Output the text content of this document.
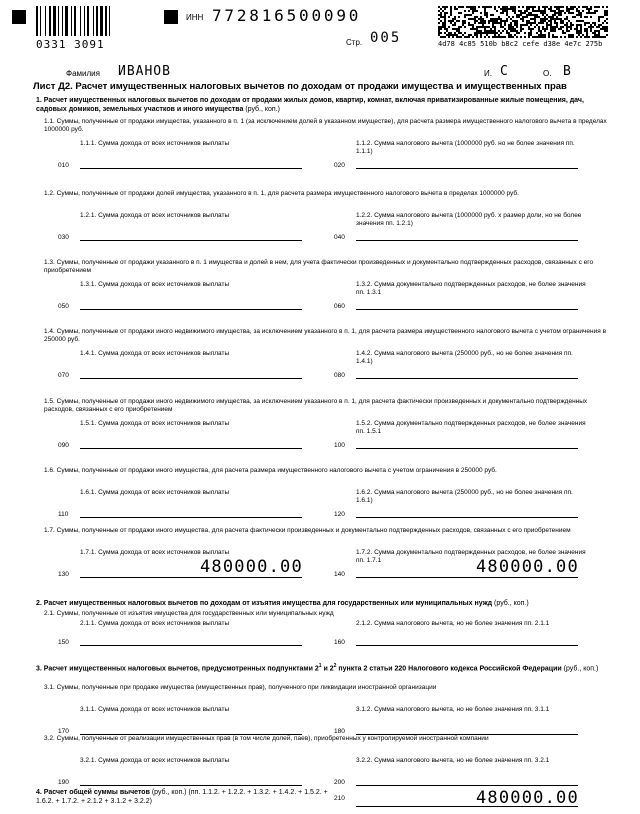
0331 3091
ИНН 772816500090
Стр. 005	4d78 4c85 510b b8c2 cefe d38e 4e7c 275b
Фамилия ИВАНОВ	И. С	О. В
Лист Д2. Расчет имущественных налоговых вычетов по доходам от продажи имущества и имущественных прав
1. Расчет имущественных налоговых вычетов по доходам от продажи жилых домов, квартир, комнат, включая приватизированные жилые помещения, дач, садовых домиков, земельных участков и иного имущества (руб., коп.)
1.1. Суммы, полученные от продажи имущества, указанного в п. 1 (за исключением долей в указанном имуществе), для расчета размера имущественного налогового вычета в пределах 1000000 руб.
1.1.1. Сумма дохода от всех источников выплаты	1.1.2. Сумма налогового вычета (1000000 руб. но не более значения пп. 1.1.1)
010	020
1.2. Суммы, полученные от продажи долей имущества, указанного в п. 1, для расчета размера имущественного налогового вычета в пределах 1000000 руб.
1.2.1. Сумма дохода от всех источников выплаты	1.2.2. Сумма налогового вычета (1000000 руб. х размер доли, но не более значения пп. 1.2.1)
030	040
1.3. Суммы, полученные от продажи указанного в п. 1 имущества и долей в нем, для учета фактически произведенных и документально подтвержденных расходов, связанных с его приобретением
1.3.1. Сумма дохода от всех источников выплаты	1.3.2. Сумма документально подтвержденных расходов, не более значения пп. 1.3.1
050	060
1.4. Суммы, полученные от продажи иного недвижимого имущества, за исключением указанного в п. 1, для расчета размера имущественного налогового вычета с учетом ограничения в 250000 руб.
1.4.1. Сумма дохода от всех источников выплаты	1.4.2. Сумма налогового вычета (250000 руб., но не более значения пп. 1.4.1)
070	080
1.5. Суммы, полученные от продажи иного недвижимого имущества, за исключением указанного в п. 1, для расчета фактически произведенных и документально подтвержденных расходов, связанных с его приобретением
1.5.1. Сумма дохода от всех источников выплаты	1.5.2. Сумма документально подтвержденных расходов, не более значения пп. 1.5.1
090	100
1.6. Суммы, полученные от продажи иного имущества, для расчета размера имущественного налогового вычета с учетом ограничения в 250000 руб.
1.6.1. Сумма дохода от всех источников выплаты	1.6.2. Сумма налогового вычета (250000 руб., но не более значения пп. 1.6.1)
110	120
1.7. Суммы, полученные от продажи иного имущества, для расчета фактически произведенных и документально подтвержденных расходов, связанных с его приобретением
1.7.1. Сумма дохода от всех источников выплаты	1.7.2. Сумма документально подтвержденных расходов, не более значения пп. 1.7.1
130	140
480000.00	480000.00
2. Расчет имущественных налоговых вычетов по доходам от изъятия имущества для государственных или муниципальных нужд (руб., коп.)
2.1. Суммы, полученные от изъятия имущества для государственных или муниципальных нужд
2.1.1. Сумма дохода от всех источников выплаты	2.1.2. Сумма налогового вычета, но не более значения пп. 2.1.1
150	160
3. Расчет имущественных налоговых вычетов, предусмотренных подпунктами $2^1$ и $2^2$ пункта 2 статьи 220 Налогового кодекса Российской Федерации (руб., коп.)
3.1. Суммы, полученные при продаже имущества (имущественных прав), полученного при ликвидации иностранной организации
3.1.1. Сумма дохода от всех источников выплаты	3.1.2. Сумма налогового вычета, но не более значения пп. 3.1.1
170	180
3.2. Суммы, полученные от реализации имущественных прав (в том числе долей, паев), приобретенных у контролируемой иностранной компании
3.2.1. Сумма дохода от всех источников выплаты	3.2.2. Сумма налогового вычета, но не более значения пп. 3.2.1
190	200
4. Расчет общей суммы вычетов (руб., коп.) (пп. 1.1.2. + 1.2.2. + 1.3.2. + 1.4.2. + 1.5.2. + 1.6.2. + 1.7.2. + 2.1.2 + 3.1.2 + 3.2.2)	210	480000.00
